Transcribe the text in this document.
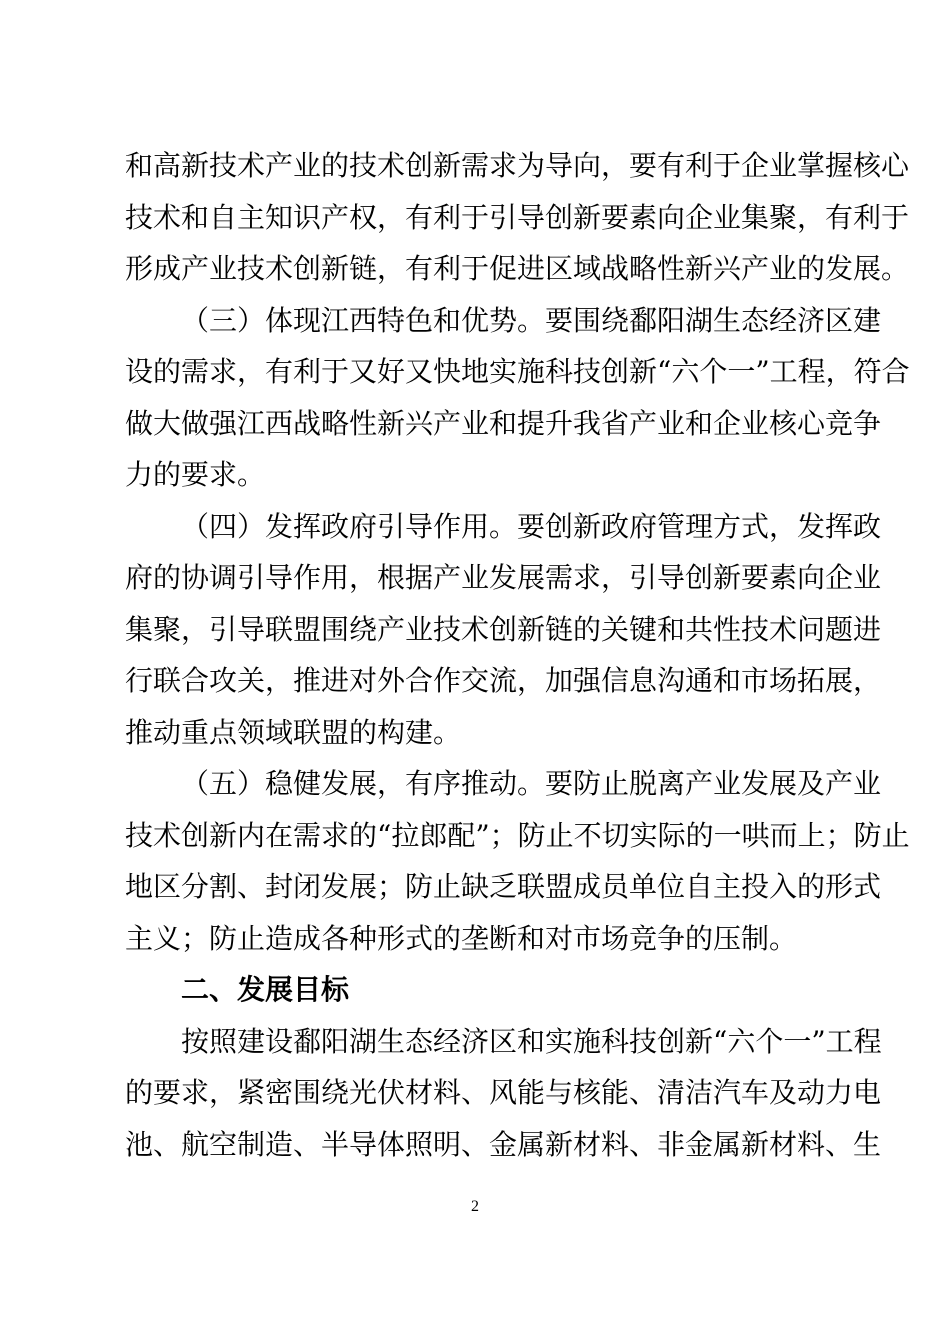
和高新技术产业的技术创新需求为导向，要有利于企业掌握核心
技术和自主知识产权，有利于引导创新要素向企业集聚，有利于
形成产业技术创新链，有利于促进区域战略性新兴产业的发展。
（三）体现江西特色和优势。要围绕鄱阳湖生态经济区建
设的需求，有利于又好又快地实施科技创新“六个一”工程，符合
做大做强江西战略性新兴产业和提升我省产业和企业核心竞争
力的要求。
（四）发挥政府引导作用。要创新政府管理方式，发挥政
府的协调引导作用，根据产业发展需求，引导创新要素向企业
集聚，引导联盟围绕产业技术创新链的关键和共性技术问题进
行联合攻关，推进对外合作交流，加强信息沟通和市场拓展，
推动重点领域联盟的构建。
（五）稳健发展，有序推动。要防止脱离产业发展及产业
技术创新内在需求的“拉郎配”；防止不切实际的一哄而上；防止
地区分割、封闭发展；防止缺乏联盟成员单位自主投入的形式
主义；防止造成各种形式的垄断和对市场竞争的压制。
二、发展目标
按照建设鄱阳湖生态经济区和实施科技创新“六个一”工程
的要求，紧密围绕光伏材料、风能与核能、清洁汽车及动力电
池、航空制造、半导体照明、金属新材料、非金属新材料、生
2
